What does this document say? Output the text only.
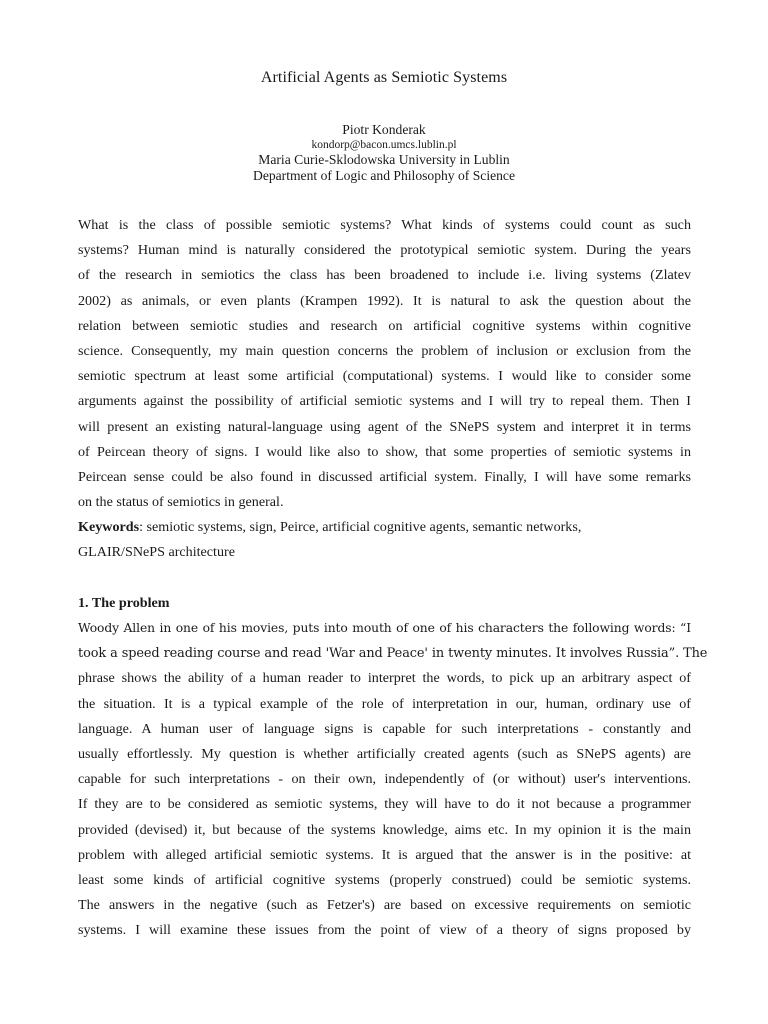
Artificial Agents as Semiotic Systems
Piotr Konderak
kondorp@bacon.umcs.lublin.pl
Maria Curie-Sklodowska University in Lublin
Department of Logic and Philosophy of Science
What is the class of possible semiotic systems? What kinds of systems could count as such
systems? Human mind is naturally considered the prototypical semiotic system. During the years
of the research in semiotics the class has been broadened to include i.e. living systems (Zlatev
2002) as animals, or even plants (Krampen 1992). It is natural to ask the question about the
relation between semiotic studies and research on artificial cognitive systems within cognitive
science. Consequently, my main question concerns the problem of inclusion or exclusion from the
semiotic spectrum at least some artificial (computational) systems. I would like to consider some
arguments against the possibility of artificial semiotic systems and I will try to repeal them. Then I
will present an existing natural-language using agent of the SNePS system and interpret it in terms
of Peircean theory of signs. I would like also to show, that some properties of semiotic systems in
Peircean sense could be also found in discussed artificial system. Finally, I will have some remarks
on the status of semiotics in general.
Keywords: semiotic systems, sign, Peirce, artificial cognitive agents, semantic networks,
GLAIR/SNePS architecture
1. The problem
Woody Allen in one of his movies, puts into mouth of one of his characters the following words: “I
took a speed reading course and read 'War and Peace' in twenty minutes. It involves Russia”. The
phrase shows the ability of a human reader to interpret the words, to pick up an arbitrary aspect of
the situation. It is a typical example of the role of interpretation in our, human, ordinary use of
language. A human user of language signs is capable for such interpretations - constantly and
usually effortlessly. My question is whether artificially created agents (such as SNePS agents) are
capable for such interpretations - on their own, independently of (or without) user's interventions.
If they are to be considered as semiotic systems, they will have to do it not because a programmer
provided (devised) it, but because of the systems knowledge, aims etc. In my opinion it is the main
problem with alleged artificial semiotic systems. It is argued that the answer is in the positive: at
least some kinds of artificial cognitive systems (properly construed) could be semiotic systems.
The answers in the negative (such as Fetzer's) are based on excessive requirements on semiotic
systems. I will examine these issues from the point of view of a theory of signs proposed by
